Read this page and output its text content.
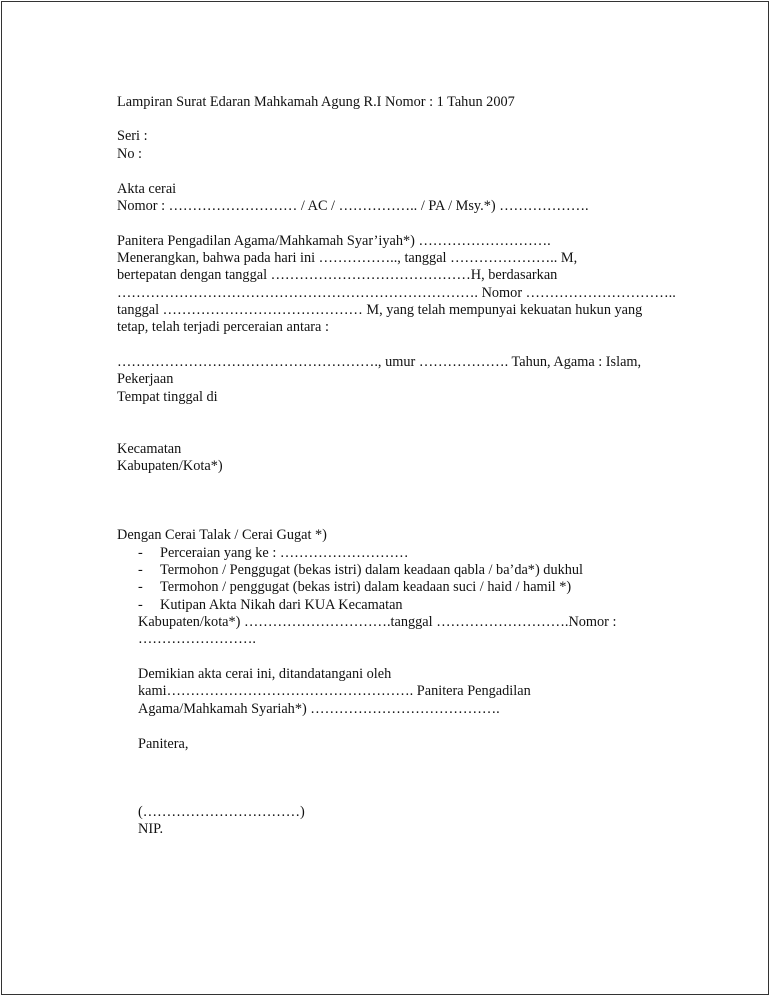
Lampiran Surat Edaran Mahkamah Agung R.I Nomor : 1 Tahun 2007
Seri :
No :
Akta cerai
Nomor : ……………………… / AC / …………….. / PA / Msy.*) ……………….
Panitera Pengadilan Agama/Mahkamah Syar’iyah*) ……………………….
Menerangkan, bahwa pada hari ini …………….., tanggal ………………….. M,
bertepatan dengan tanggal ……………………………………H, berdasarkan
…………………………………………………………………. Nomor …………………………..
tanggal …………………………………… M, yang telah mempunyai kekuatan hukun yang
tetap, telah terjadi perceraian antara :
………………………………………………., umur ………………. Tahun, Agama : Islam,
Pekerjaan
Tempat tinggal di
Kecamatan
Kabupaten/Kota*)
Dengan Cerai Talak / Cerai Gugat *)
- Perceraian yang ke : ………………………
- Termohon / Penggugat (bekas istri) dalam keadaan qabla / ba’da*) dukhul
- Termohon / penggugat (bekas istri) dalam keadaan suci / haid / hamil *)
- Kutipan Akta Nikah dari KUA Kecamatan
Kabupaten/kota*) ………………………….tanggal ……………………….Nomor :
…………………….
Demikian akta cerai ini, ditandatangani oleh
kami……………………………………………. Panitera Pengadilan
Agama/Mahkamah Syariah*) ………………………………….
Panitera,
(……………………………)
NIP.
